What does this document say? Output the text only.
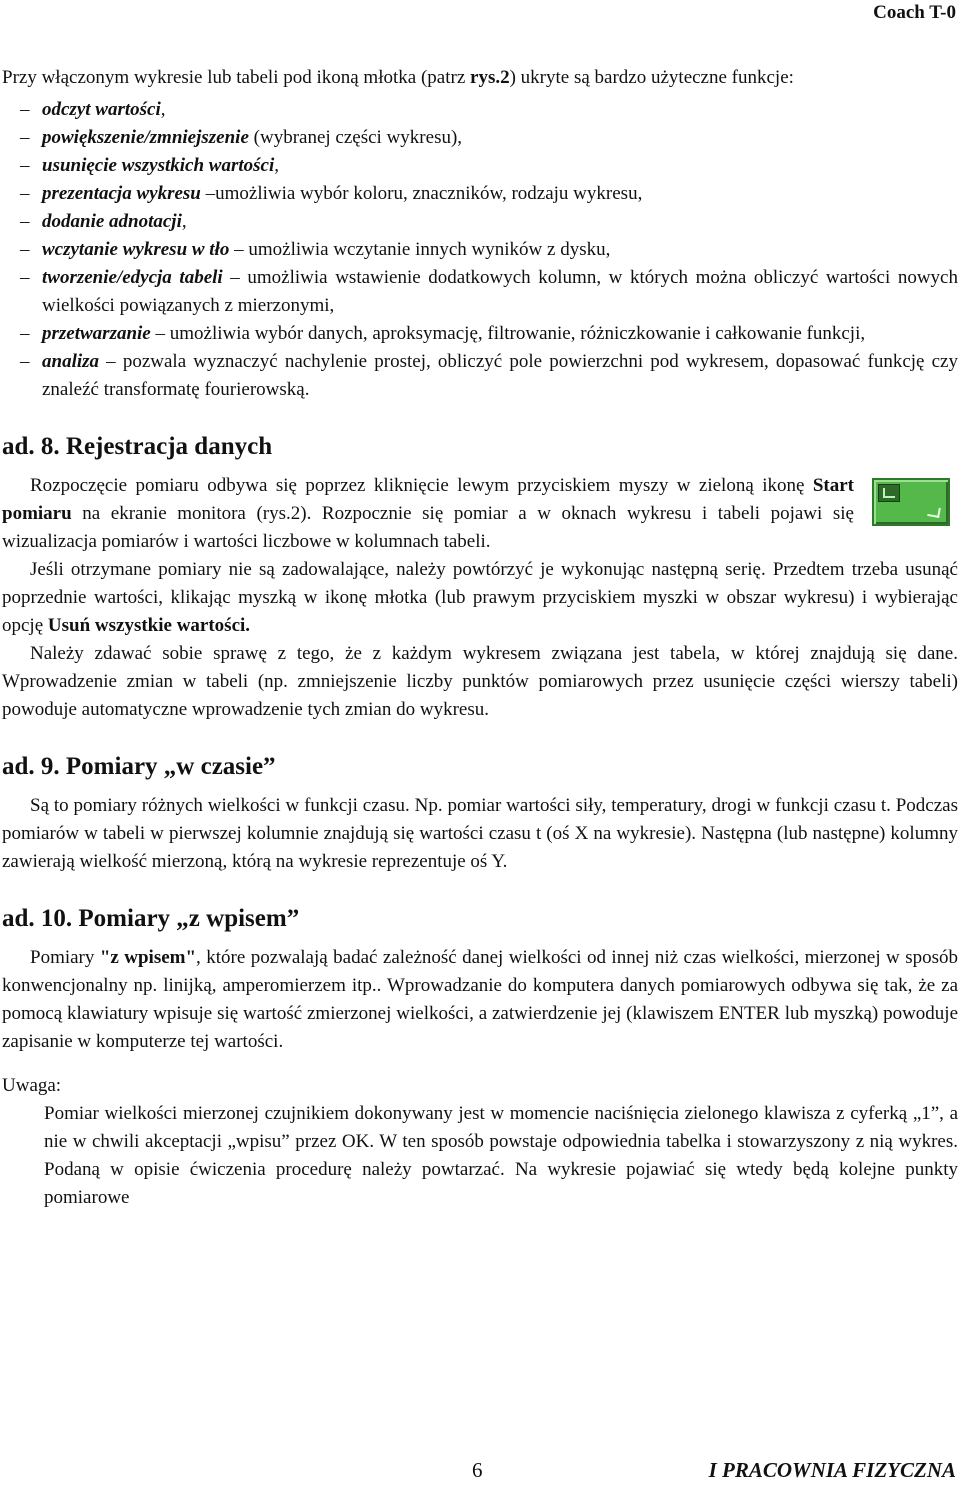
Coach T-0

Przy włączonym wykresie lub tabeli pod ikoną młotka (patrz rys.2) ukryte są bardzo użyteczne funkcje:

– odczyt wartości,
– powiększenie/zmniejszenie (wybranej części wykresu),
– usunięcie wszystkich wartości,
– prezentacja wykresu –umożliwia wybór koloru, znaczników, rodzaju wykresu,
– dodanie adnotacji,
– wczytanie wykresu w tło – umożliwia wczytanie innych wyników z dysku,
– tworzenie/edycja tabeli – umożliwia wstawienie dodatkowych kolumn, w których można obliczyć wartości nowych wielkości powiązanych z mierzonymi,
– przetwarzanie – umożliwia wybór danych, aproksymację, filtrowanie, różniczkowanie i całkowanie funkcji,
– analiza – pozwala wyznaczyć nachylenie prostej, obliczyć pole powierzchni pod wykresem, dopasować funkcję czy znaleźć transformatę fourierowską.
ad. 8. Rejestracja danych

Rozpoczęcie pomiaru odbywa się poprzez kliknięcie lewym przyciskiem myszy w zieloną ikonę Start pomiaru na ekranie monitora (rys.2). Rozpocznie się pomiar a w oknach wykresu i tabeli pojawi się wizualizacja pomiarów i wartości liczbowe w kolumnach tabeli.

Jeśli otrzymane pomiary nie są zadowalające, należy powtórzyć je wykonując następną serię. Przedtem trzeba usunąć poprzednie wartości, klikając myszką w ikonę młotka (lub prawym przyciskiem myszki w obszar wykresu) i wybierając opcję Usuń wszystkie wartości.

Należy zdawać sobie sprawę z tego, że z każdym wykresem związana jest tabela, w której znajdują się dane. Wprowadzenie zmian w tabeli (np. zmniejszenie liczby punktów pomiarowych przez usunięcie części wierszy tabeli) powoduje automatyczne wprowadzenie tych zmian do wykresu.

ad. 9. Pomiary „w czasie”

Są to pomiary różnych wielkości w funkcji czasu. Np. pomiar wartości siły, temperatury, drogi w funkcji czasu t. Podczas pomiarów w tabeli w pierwszej kolumnie znajdują się wartości czasu t (oś X na wykresie). Następna (lub następne) kolumny zawierają wielkość mierzoną, którą na wykresie reprezentuje oś Y.

ad. 10. Pomiary „z wpisem”

Pomiary "z wpisem", które pozwalają badać zależność danej wielkości od innej niż czas wielkości, mierzonej w sposób konwencjonalny np. linijką, amperomierzem itp.. Wprowadzanie do komputera danych pomiarowych odbywa się tak, że za pomocą klawiatury wpisuje się wartość zmierzonej wielkości, a zatwierdzenie jej (klawiszem ENTER lub myszką) powoduje zapisanie w komputerze tej wartości.

Uwaga:

Pomiar wielkości mierzonej czujnikiem dokonywany jest w momencie naciśnięcia zielonego klawisza z cyferką „1”, a nie w chwili akceptacji „wpisu” przez OK. W ten sposób powstaje odpowiednia tabelka i stowarzyszony z nią wykres. Podaną w opisie ćwiczenia procedurę należy powtarzać. Na wykresie pojawiać się wtedy będą kolejne punkty pomiarowe

6	I PRACOWNIA FIZYCZNA
